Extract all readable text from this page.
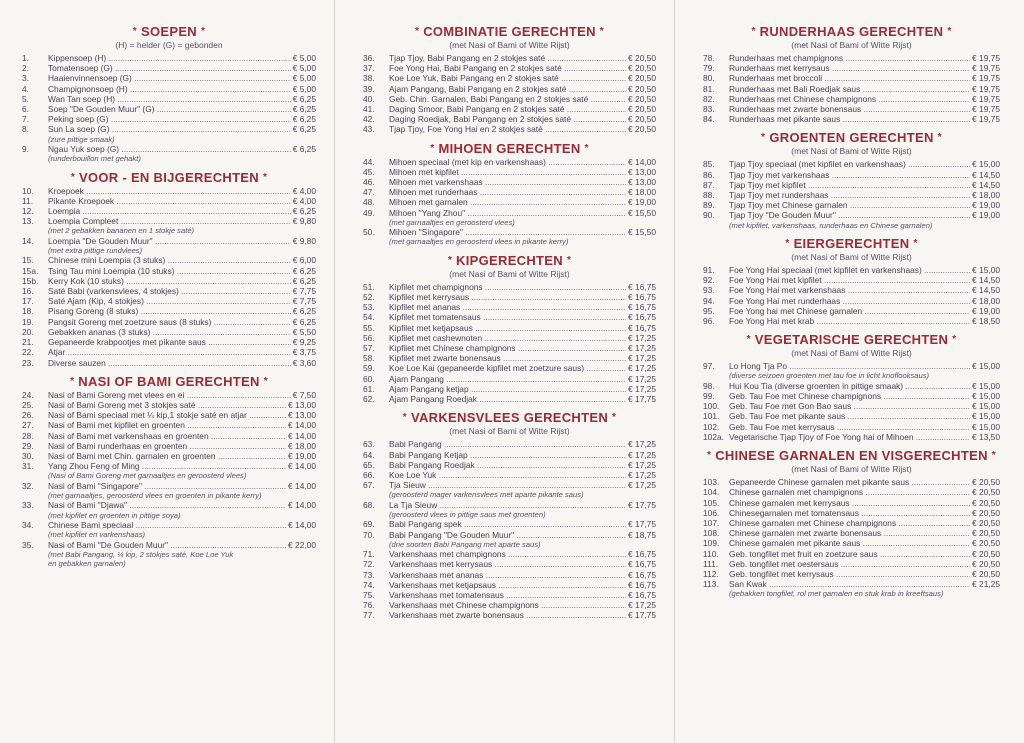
* SOEPEN *
(H) = helder (G) = gebonden
1.	Kippensoep (H) .....	€ 5,00
2.	Tomatensoep (G) .....	€ 5,00
3.	Haaienvinnensoep (G) .....	€ 5,00
4.	Champignonsoep (H) .....	€ 5,00
5.	Wan Tan soep (H) .....	€ 6,25
6.	Soep "De Gouden Muur" (G) .....	€ 6,25
7.	Peking soep (G) .....	€ 6,25
8.	Sun La soep (G) .....	€ 6,25
(zure pittige smaak)
9.	Ngau Yuk soep (G) .....	€ 6,25
(runderbouillon met gehakt)
* VOOR - EN BIJGERECHTEN *
10.	Kroepoek .....	€ 4,00
11.	Pikante Kroepoek .....	€ 4,00
12.	Loempia .....	€ 6,25
13.	Loempia Compleet .....	€ 9,80
(met 2 gebakken bananen en 1 stokje saté)
14.	Loempia "De Gouden Muur" .....	€ 9,80
(met extra pittige rundvlees)
15.	Chinese mini Loempia (3 stuks) .....	€ 6,00
15a.	Tsing Tau mini Loempia (10 stuks) .....	€ 6,25
15b.	Kerry Kok (10 stuks) .....	€ 6,25
16.	Saté Babi (varkensvlees, 4 stokjes) .....	€ 7,75
17.	Saté Ajam (Kip, 4 stokjes) .....	€ 7,75
18.	Pisang Goreng (8 stuks) .....	€ 6,25
19.	Pangsit Goreng met zoetzure saus (8 stuks) .....	€ 6,25
20.	Gebakken ananas (3 stuks) .....	€ 5,50
21.	Gepaneerde krabpootjes met pikante saus .....	€ 9,25
22.	Atjar .....	€ 3,75
23.	Diverse sauzen .....	€ 3,60
* NASI OF BAMI GERECHTEN *
24.	Nasi of Bami Goreng met vlees en ei .....	€ 7,50
25.	Nasi of Bami Goreng met 3 stokjes saté .....	€ 13,00
26.	Nasi of Bami speciaal met ¼ kip,1 stokje saté en atjar .....	€ 13,00
27.	Nasi of Bami met kipfilet en groenten .....	€ 14,00
28.	Nasi of Bami met varkenshaas en groenten .....	€ 14,00
29.	Nasi of Bami runderhaas en groenten .....	€ 18,00
30.	Nasi of Bami met Chin. garnalen en groenten .....	€ 19,00
31.	Yang Zhou Feng of Ming .....	€ 14,00
(Nasi of Bami Goreng met garnaaltjes en geroosterd vlees)
32.	Nasi of Bami "Singapore" .....	€ 14,00
(met garnaaltjes, geroosterd vlees en groenten in pikante kerry)
33.	Nasi of Bami "Djawa" .....	€ 14,00
(met kipfilet en groenten in pittige soya)
34.	Chinese Bami speciaal .....	€ 14,00
(met kipfilet en varkenshaas)
35.	Nasi of Bami "De Gouden Muur" .....	€ 22,00
(met Babi Pangang, ¼ kip, 2 stokjes saté, Koe Loe Yuk
en gebakken garnalen)
* COMBINATIE GERECHTEN *
(met Nasi of Bami of Witte Rijst)
36.	Tjap Tjoy, Babi Pangang en 2 stokjes saté .....	€ 20,50
37.	Foe Yong Hai, Babi Pangang en 2 stokjes saté .....	€ 20,50
38.	Koe Loe Yuk, Babi Pangang en 2 stokjes saté .....	€ 20,50
39.	Ajam Pangang, Babi Pangang en 2 stokjes saté .....	€ 20,50
40.	Geb. Chin. Garnalen, Babi Pangang en 2 stokjes saté .....	€ 20,50
41.	Daging Smoor, Babi Pangang en 2 stokjes saté .....	€ 20,50
42.	Daging Roedjak, Babi Pangang en 2 stokjes saté .....	€ 20,50
43.	Tjap Tjoy, Foe Yong Hai en 2 stokjes saté .....	€ 20,50
* MIHOEN GERECHTEN *
44.	Mihoen speciaal (met kip en varkenshaas) .....	€ 14,00
45.	Mihoen met kipfilet .....	€ 13,00
46.	Mihoen met varkenshaas .....	€ 13,00
47.	Mihoen met runderhaas .....	€ 18,00
48.	Mihoen met garnalen .....	€ 19,00
49.	Mihoen "Yang Zhou" .....	€ 15,50
(met garnaaltjes en geroosterd vlees)
50.	Mihoen "Singapore" .....	€ 15,50
(met garnaaltjes en geroosterd vlees in pikante kerry)
* KIPGERECHTEN *
(met Nasi of Bami of Witte Rijst)
51.	Kipfilet met champignons .....	€ 16,75
52.	Kipfilet met kerrysaus .....	€ 16,75
53.	Kipfilet met ananas .....	€ 16,75
54.	Kipfilet met tomatensaus .....	€ 16,75
55.	Kipfilet met ketjapsaus .....	€ 16,75
56.	Kipfilet met cashewnoten .....	€ 17,25
57.	Kipfilet met Chinese champignons .....	€ 17,25
58.	Kipfilet met zwarte bonensaus .....	€ 17,25
59.	Koe Loe Kai (gepaneerde kipfilet met zoetzure saus) .....	€ 17,25
60.	Ajam Pangang .....	€ 17,25
61.	Ajam Pangang ketjap .....	€ 17,25
62.	Ajam Pangang Roedjak .....	€ 17,75
* VARKENSVLEES GERECHTEN *
(met Nasi of Bami of Witte Rijst)
63.	Babi Pangang .....	€ 17,25
64.	Babi Pangang Ketjap .....	€ 17,25
65.	Babi Pangang Roedjak .....	€ 17,25
66.	Koe Loe Yuk .....	€ 17,25
67.	Tja Sieuw .....	€ 17,25
(geroosterd mager varkensvlees met aparte pikante saus)
68.	La Tja Sieuw .....	€ 17,75
(geroosterd vlees in pittige saus met groenten)
69.	Babi Pangang spek .....	€ 17,75
70.	Babi Pangang "De Gouden Muur" .....	€ 18,75
(drie soorten Babi Pangang met aparte saus)
71.	Varkenshaas met champignons .....	€ 16,75
72.	Varkenshaas met kerrysaus .....	€ 16,75
73.	Varkenshaas met ananas .....	€ 16,75
74.	Varkenshaas met ketjapsaus .....	€ 16,75
75.	Varkenshaas met tomatensaus .....	€ 16,75
76.	Varkenshaas met Chinese champignons .....	€ 17,25
77.	Varkenshaas met zwarte bonensaus .....	€ 17,75
* RUNDERHAAS GERECHTEN *
(met Nasi of Bami of Witte Rijst)
78.	Runderhaas met champignons .....	€ 19,75
79.	Runderhaas met kerrysaus .....	€ 19,75
80.	Runderhaas met broccoli .....	€ 19,75
81.	Runderhaas met Bali Roedjak saus .....	€ 19,75
82.	Runderhaas met Chinese champignons .....	€ 19,75
83.	Runderhaas met zwarte bonensaus .....	€ 19,75
84.	Runderhaas met pikante saus .....	€ 19,75
* GROENTEN GERECHTEN *
(met Nasi of Bami of Witte Rijst)
85.	Tjap Tjoy speciaal (met kipfilet en varkenshaas) .....	€ 15,00
86.	Tjap Tjoy met varkenshaas .....	€ 14,50
87.	Tjap Tjoy met kipfilet .....	€ 14,50
88.	Tjap Tjoy met rundershaas .....	€ 18,00
89.	Tjap Tjoy met Chinese garnalen .....	€ 19,00
90.	Tjap Tjoy "De Gouden Muur" .....	€ 19,00
(met kipfilet, varkenshaas, runderhaas en Chinese garnalen)
* EIERGERECHTEN *
(met Nasi of Bami of Witte Rijst)
91.	Foe Yong Hai speciaal (met kipfilet en varkenshaas) .....	€ 15,00
92.	Foe Yong Hai met kipfilet .....	€ 14,50
93.	Foe Yong Hai met varkenshaas .....	€ 14,50
94.	Foe Yong Hai met runderhaas .....	€ 18,00
95.	Foe Yong hai met Chinese garnalen .....	€ 19,00
96.	Foe Yong Hai met krab .....	€ 18,50
* VEGETARISCHE GERECHTEN *
(met Nasi of Bami of Witte Rijst)
97.	Lo Hong Tja Po .....	€ 15,00
(diverse seizoen groenten met tau foe in licht knoflooksaus)
98.	Hui Kou Tia (diverse groenten in pittige smaak) .....	€ 15,00
99.	Geb. Tau Foe met Chinese champignons .....	€ 15,00
100.	Geb. Tau Foe met Gon Bao saus .....	€ 15,00
101.	Geb. Tau Foe met pikante saus .....	€ 15,00
102.	Geb. Tau Foe met kerrysaus .....	€ 15,00
102a. Vegetarische Tjap Tjoy of Foe Yong hai of Mihoen .....	€ 13,50
* CHINESE GARNALEN EN VISGERECHTEN *
(met Nasi of Bami of Witte Rijst)
103.	Gepaneerde Chinese garnalen met pikante saus .....	€ 20,50
104.	Chinese garnalen met champignons .....	€ 20,50
105.	Chinese garnalen met kerrysaus .....	€ 20,50
106.	Chinesegarnalen met tomatensaus .....	€ 20,50
107.	Chinese garnalen met Chinese champignons .....	€ 20,50
108.	Chinese garnalen met zwarte bonensaus .....	€ 20,50
109.	Chinese garnalen met pikante saus .....	€ 20,50
110.	Geb. tongfilet met fruit en zoetzure saus .....	€ 20,50
111.	Geb. tongfilet met oestersaus .....	€ 20,50
112.	Geb. tongfilet met kerrysaus .....	€ 20,50
113.	San Kwak .....	€ 21,25
(gebakken tongfilet, rol met garnalen en stuk krab in kreeftsaus)
